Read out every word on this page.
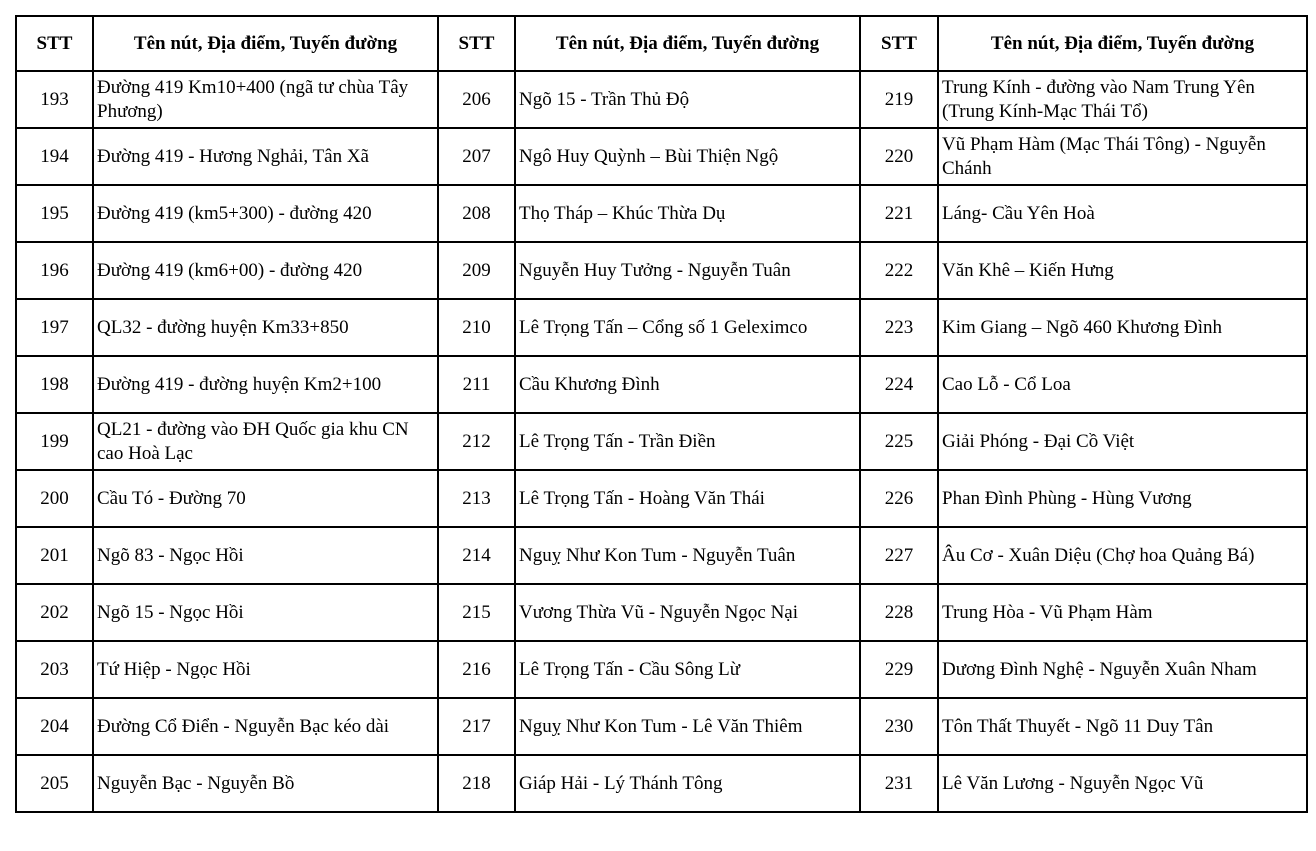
STT	Tên nút, Địa điểm, Tuyến đường	STT	Tên nút, Địa điểm, Tuyến đường	STT	Tên nút, Địa điểm, Tuyến đường
193	Đường 419 Km10+400 (ngã tư chùa Tây Phương)	206	Ngõ 15 - Trần Thủ Độ	219	Trung Kính - đường vào Nam Trung Yên (Trung Kính-Mạc Thái Tổ)
194	Đường 419 - Hương Nghải, Tân Xã	207	Ngô Huy Quỳnh – Bùi Thiện Ngộ	220	Vũ Phạm Hàm (Mạc Thái Tông) - Nguyễn Chánh
195	Đường 419 (km5+300) - đường 420	208	Thọ Tháp – Khúc Thừa Dụ	221	Láng- Cầu Yên Hoà
196	Đường 419 (km6+00) - đường 420	209	Nguyễn Huy Tưởng - Nguyễn Tuân	222	Văn Khê – Kiến Hưng
197	QL32 - đường huyện Km33+850	210	Lê Trọng Tấn – Cổng số 1 Geleximco	223	Kim Giang – Ngõ 460 Khương Đình
198	Đường 419 - đường huyện Km2+100	211	Cầu Khương Đình	224	Cao Lỗ - Cổ Loa
199	QL21 - đường vào ĐH Quốc gia khu CN cao Hoà Lạc	212	Lê Trọng Tấn - Trần Điền	225	Giải Phóng - Đại Cồ Việt
200	Cầu Tó - Đường 70	213	Lê Trọng Tấn - Hoàng Văn Thái	226	Phan Đình Phùng - Hùng Vương
201	Ngõ 83 - Ngọc Hồi	214	Nguỵ Như Kon Tum - Nguyễn Tuân	227	Âu Cơ - Xuân Diệu (Chợ hoa Quảng Bá)
202	Ngõ 15 - Ngọc Hồi	215	Vương Thừa Vũ - Nguyễn Ngọc Nại	228	Trung Hòa - Vũ Phạm Hàm
203	Tứ Hiệp - Ngọc Hồi	216	Lê Trọng Tấn - Cầu Sông Lừ	229	Dương Đình Nghệ - Nguyễn Xuân Nham
204	Đường Cổ Điển - Nguyễn Bạc kéo dài	217	Nguỵ Như Kon Tum - Lê Văn Thiêm	230	Tôn Thất Thuyết - Ngõ 11 Duy Tân
205	Nguyễn Bạc - Nguyễn Bồ	218	Giáp Hải - Lý Thánh Tông	231	Lê Văn Lương - Nguyễn Ngọc Vũ
